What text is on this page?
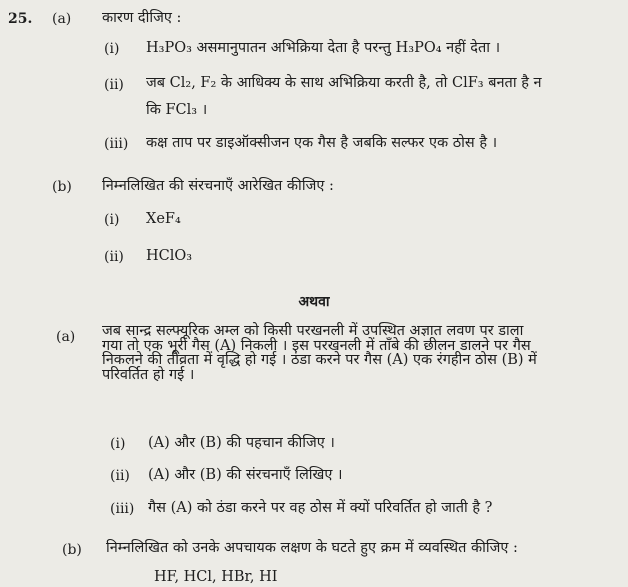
25. (a) कारण दीजिए :
(i) H₃PO₃ असमानुपातन अभिक्रिया देता है परन्तु H₃PO₄ नहीं देता ।
(ii) जब Cl₂, F₂ के आधिक्य के साथ अभिक्रिया करती है, तो ClF₃ बनता है न
कि FCl₃ ।
(iii) कक्ष ताप पर डाइऑक्सीजन एक गैस है जबकि सल्फर एक ठोस है ।
(b) निम्नलिखित की संरचनाएँ आरेखित कीजिए :
(i) XeF₄
(ii) HClO₃
अथवा
(a) जब सान्द्र सल्फ्यूरिक अम्ल को किसी परखनली में उपस्थित अज्ञात लवण पर डाला
गया तो एक भूरी गैस (A) निकली । इस परखनली में ताँबे की छीलन डालने पर गैस
निकलने की तीव्रता में वृद्धि हो गई । ठंडा करने पर गैस (A) एक रंगहीन ठोस (B) में
परिवर्तित हो गई ।
(i) (A) और (B) की पहचान कीजिए ।
(ii) (A) और (B) की संरचनाएँ लिखिए ।
(iii) गैस (A) को ठंडा करने पर वह ठोस में क्यों परिवर्तित हो जाती है ?
(b) निम्नलिखित को उनके अपचायक लक्षण के घटते हुए क्रम में व्यवस्थित कीजिए :
HF, HCl, HBr, HI
